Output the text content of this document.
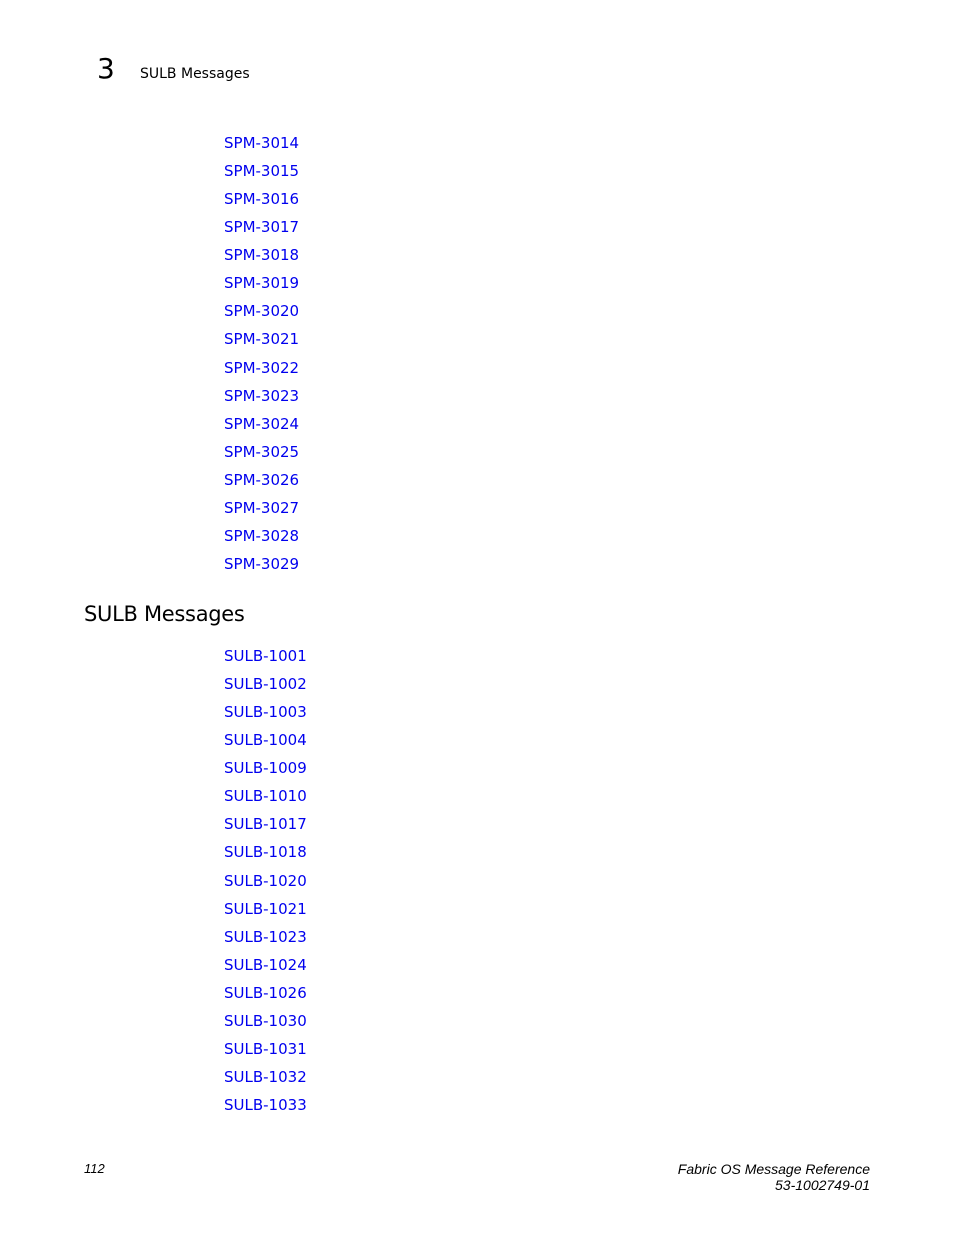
3 SULB Messages
SPM-3014
SPM-3015
SPM-3016
SPM-3017
SPM-3018
SPM-3019
SPM-3020
SPM-3021
SPM-3022
SPM-3023
SPM-3024
SPM-3025
SPM-3026
SPM-3027
SPM-3028
SPM-3029
SULB Messages
SULB-1001
SULB-1002
SULB-1003
SULB-1004
SULB-1009
SULB-1010
SULB-1017
SULB-1018
SULB-1020
SULB-1021
SULB-1023
SULB-1024
SULB-1026
SULB-1030
SULB-1031
SULB-1032
SULB-1033
112	Fabric OS Message Reference
53-1002749-01
